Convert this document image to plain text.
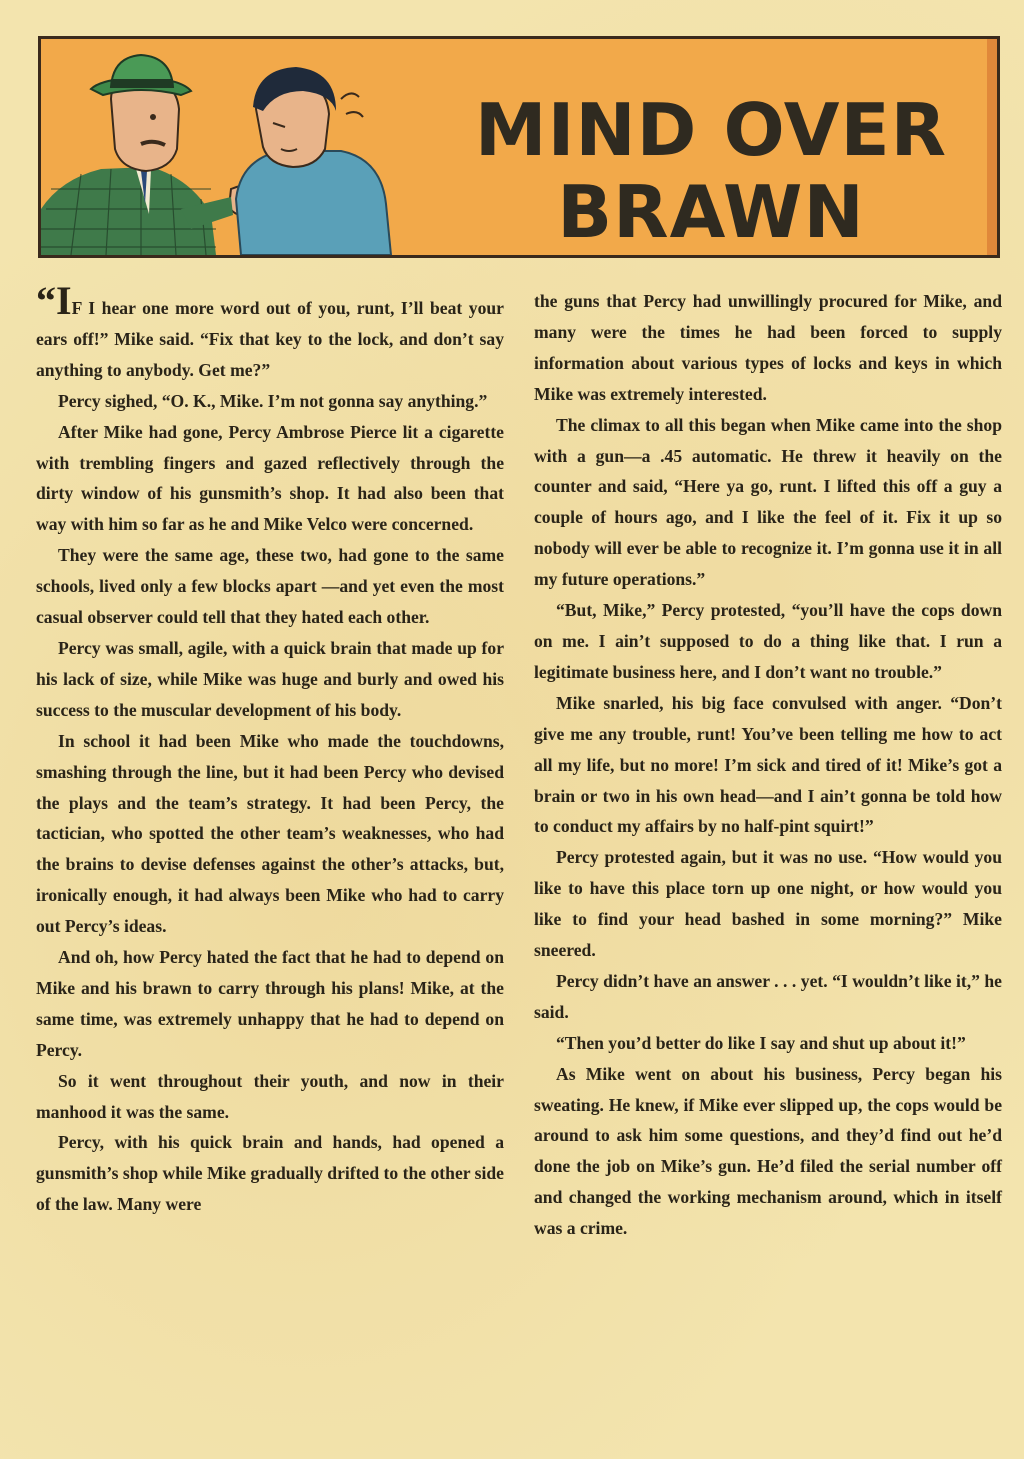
MIND OVER
BRAWN

“IF I hear one more word out of you, runt, I’ll beat your ears off!” Mike said. “Fix that key to the lock, and don’t say anything to anybody. Get me?”

Percy sighed, “O. K., Mike. I’m not gonna say anything.”

After Mike had gone, Percy Ambrose Pierce lit a cigarette with trembling fingers and gazed reflectively through the dirty window of his gunsmith’s shop. It had also been that way with him so far as he and Mike Velco were concerned.

They were the same age, these two, had gone to the same schools, lived only a few blocks apart —and yet even the most casual observer could tell that they hated each other.

Percy was small, agile, with a quick brain that made up for his lack of size, while Mike was huge and burly and owed his success to the muscular development of his body.

In school it had been Mike who made the touchdowns, smashing through the line, but it had been Percy who devised the plays and the team’s strategy. It had been Percy, the tactician, who spotted the other team’s weaknesses, who had the brains to devise defenses against the other’s attacks, but, ironically enough, it had always been Mike who had to carry out Percy’s ideas.

And oh, how Percy hated the fact that he had to depend on Mike and his brawn to carry through his plans! Mike, at the same time, was extremely unhappy that he had to depend on Percy.

So it went throughout their youth, and now in their manhood it was the same.

Percy, with his quick brain and hands, had opened a gunsmith’s shop while Mike gradually drifted to the other side of the law. Many were

the guns that Percy had unwillingly procured for Mike, and many were the times he had been forced to supply information about various types of locks and keys in which Mike was extremely interested.

The climax to all this began when Mike came into the shop with a gun—a .45 automatic. He threw it heavily on the counter and said, “Here ya go, runt. I lifted this off a guy a couple of hours ago, and I like the feel of it. Fix it up so nobody will ever be able to recognize it. I’m gonna use it in all my future operations.”

“But, Mike,” Percy protested, “you’ll have the cops down on me. I ain’t supposed to do a thing like that. I run a legitimate business here, and I don’t want no trouble.”

Mike snarled, his big face convulsed with anger. “Don’t give me any trouble, runt! You’ve been telling me how to act all my life, but no more! I’m sick and tired of it! Mike’s got a brain or two in his own head—and I ain’t gonna be told how to conduct my affairs by no half-pint squirt!”

Percy protested again, but it was no use. “How would you like to have this place torn up one night, or how would you like to find your head bashed in some morning?” Mike sneered.

Percy didn’t have an answer . . . yet. “I wouldn’t like it,” he said.

“Then you’d better do like I say and shut up about it!”

As Mike went on about his business, Percy began his sweating. He knew, if Mike ever slipped up, the cops would be around to ask him some questions, and they’d find out he’d done the job on Mike’s gun. He’d filed the serial number off and changed the working mechanism around, which in itself was a crime.
